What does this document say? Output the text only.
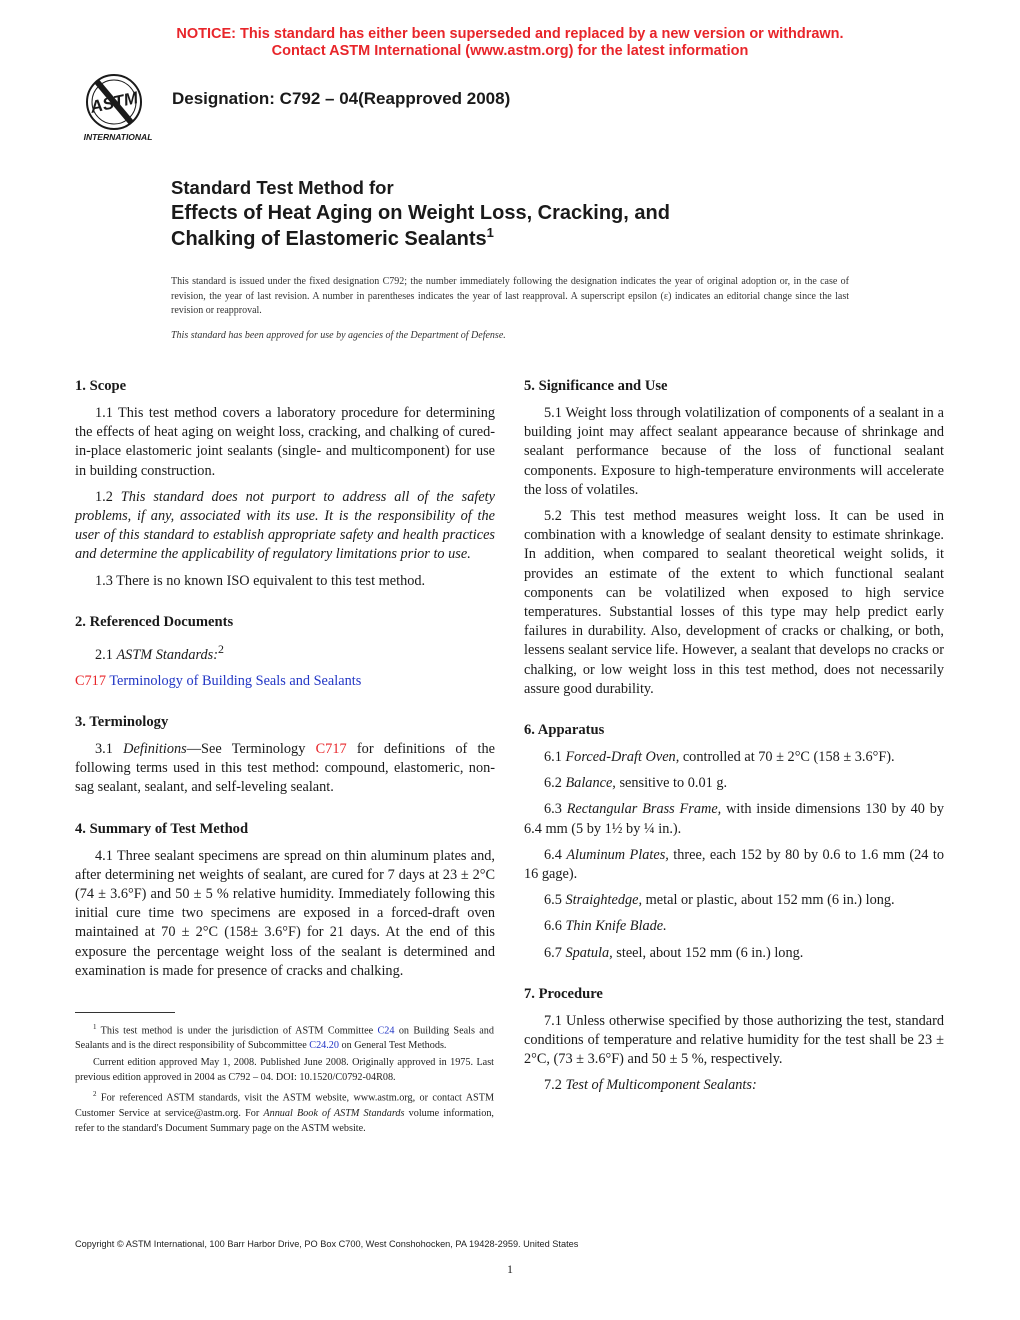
NOTICE: This standard has either been superseded and replaced by a new version or withdrawn.
Contact ASTM International (www.astm.org) for the latest information
ASTM
INTERNATIONAL
Designation: C792 – 04(Reapproved 2008)
Standard Test Method for
Effects of Heat Aging on Weight Loss, Cracking, and
Chalking of Elastomeric Sealants$^1$
This standard is issued under the fixed designation C792; the number immediately following the designation indicates the year of original adoption or, in the case of revision, the year of last revision. A number in parentheses indicates the year of last reapproval. A superscript epsilon (ε) indicates an editorial change since the last revision or reapproval.
This standard has been approved for use by agencies of the Department of Defense.
1. Scope

1.1 This test method covers a laboratory procedure for determining the effects of heat aging on weight loss, cracking, and chalking of cured-in-place elastomeric joint sealants (single- and multicomponent) for use in building construction.

1.2 This standard does not purport to address all of the safety problems, if any, associated with its use. It is the responsibility of the user of this standard to establish appropriate safety and health practices and determine the applicability of regulatory limitations prior to use.

1.3 There is no known ISO equivalent to this test method.

2. Referenced Documents

2.1 ASTM Standards:$^2$

C717 Terminology of Building Seals and Sealants
3. Terminology

3.1 Definitions—See Terminology C717 for definitions of the following terms used in this test method: compound, elastomeric, non-sag sealant, sealant, and self-leveling sealant.

4. Summary of Test Method

4.1 Three sealant specimens are spread on thin aluminum plates and, after determining net weights of sealant, are cured for 7 days at 23 ± 2°C (74 ± 3.6°F) and 50 ± 5 % relative humidity. Immediately following this initial cure time two specimens are exposed in a forced-draft oven maintained at 70 ± 2°C (158± 3.6°F) for 21 days. At the end of this exposure the percentage weight loss of the sealant is determined and examination is made for presence of cracks and chalking.

5. Significance and Use

5.1 Weight loss through volatilization of components of a sealant in a building joint may affect sealant appearance because of shrinkage and sealant performance because of the loss of functional sealant components. Exposure to high-temperature environments will accelerate the loss of volatiles.

5.2 This test method measures weight loss. It can be used in combination with a knowledge of sealant density to estimate shrinkage. In addition, when compared to sealant theoretical weight solids, it provides an estimate of the extent to which functional sealant components can be volatilized when exposed to high service temperatures. Substantial losses of this type may help predict early failures in durability. Also, development of cracks or chalking, or both, lessens sealant service life. However, a sealant that develops no cracks or chalking, or low weight loss in this test method, does not necessarily assure good durability.

6. Apparatus

6.1 Forced-Draft Oven, controlled at 70 ± 2°C (158 ± 3.6°F).

6.2 Balance, sensitive to 0.01 g.

6.3 Rectangular Brass Frame, with inside dimensions 130 by 40 by 6.4 mm (5 by 1½ by ¼ in.).

6.4 Aluminum Plates, three, each 152 by 80 by 0.6 to 1.6 mm (24 to 16 gage).

6.5 Straightedge, metal or plastic, about 152 mm (6 in.) long.

6.6 Thin Knife Blade.

6.7 Spatula, steel, about 152 mm (6 in.) long.

7. Procedure

7.1 Unless otherwise specified by those authorizing the test, standard conditions of temperature and relative humidity for the test shall be 23 ± 2°C, (73 ± 3.6°F) and 50 ± 5 %, respectively.

7.2 Test of Multicomponent Sealants:

$^1$ This test method is under the jurisdiction of ASTM Committee C24 on Building Seals and Sealants and is the direct responsibility of Subcommittee C24.20 on General Test Methods.

Current edition approved May 1, 2008. Published June 2008. Originally approved in 1975. Last previous edition approved in 2004 as C792 – 04. DOI: 10.1520/C0792-04R08.

$^2$ For referenced ASTM standards, visit the ASTM website, www.astm.org, or contact ASTM Customer Service at service@astm.org. For Annual Book of ASTM Standards volume information, refer to the standard's Document Summary page on the ASTM website.

Copyright © ASTM International, 100 Barr Harbor Drive, PO Box C700, West Conshohocken, PA 19428-2959. United States
1
